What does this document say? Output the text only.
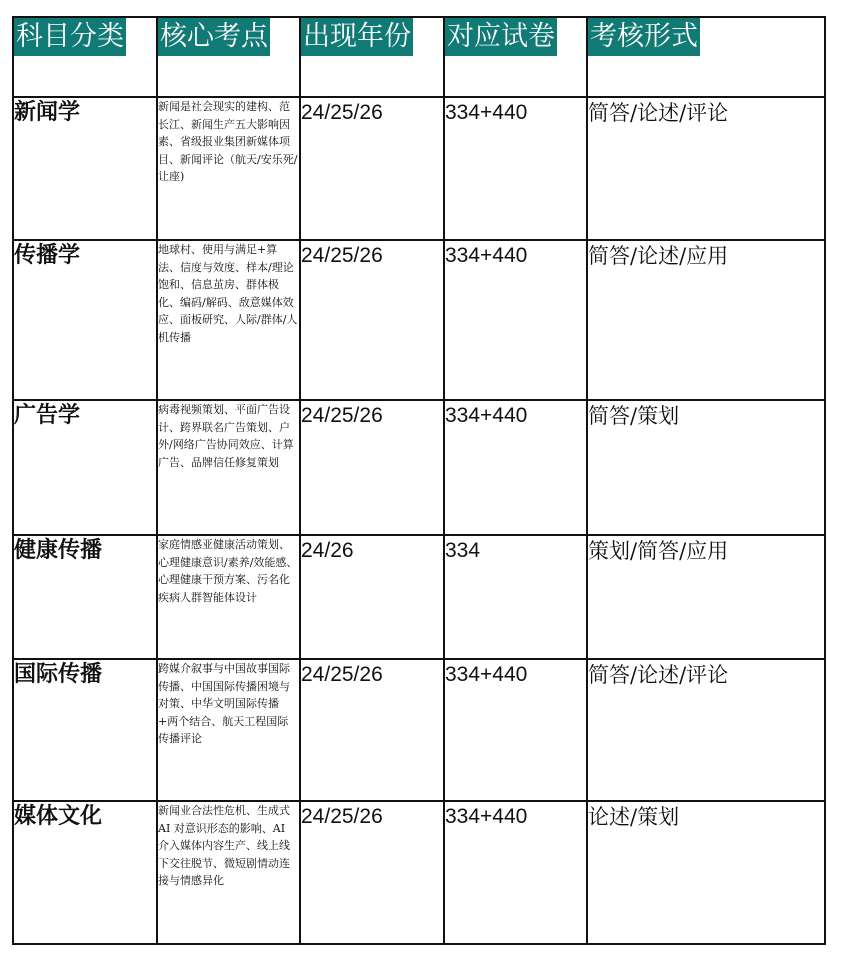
科目分类	核心考点	出现年份	对应试卷	考核形式
新闻学	新闻是社会现实的建构、范长江、新闻生产五大影响因素、省级报业集团新媒体项目、新闻评论（航天/安乐死/让座)	24/25/26	334+440	简答/论述/评论
传播学	地球村、使用与满足+算法、信度与效度、样本/理论饱和、信息茧房、群体极化、编码/解码、敌意媒体效应、面板研究、人际/群体/人机传播	24/25/26	334+440	简答/论述/应用
广告学	病毒视频策划、平面广告设计、跨界联名广告策划、户外/网络广告协同效应、计算广告、品牌信任修复策划	24/25/26	334+440	简答/策划
健康传播	家庭情感亚健康活动策划、心理健康意识/素养/效能感、心理健康干预方案、污名化疾病人群智能体设计	24/26	334	策划/简答/应用
国际传播	跨媒介叙事与中国故事国际传播、中国国际传播困境与对策、中华文明国际传播+两个结合、航天工程国际传播评论	24/25/26	334+440	简答/论述/评论
媒体文化	新闻业合法性危机、生成式 AI 对意识形态的影响、AI 介入媒体内容生产、线上线下交往脱节、微短剧情动连接与情感异化	24/25/26	334+440	论述/策划
